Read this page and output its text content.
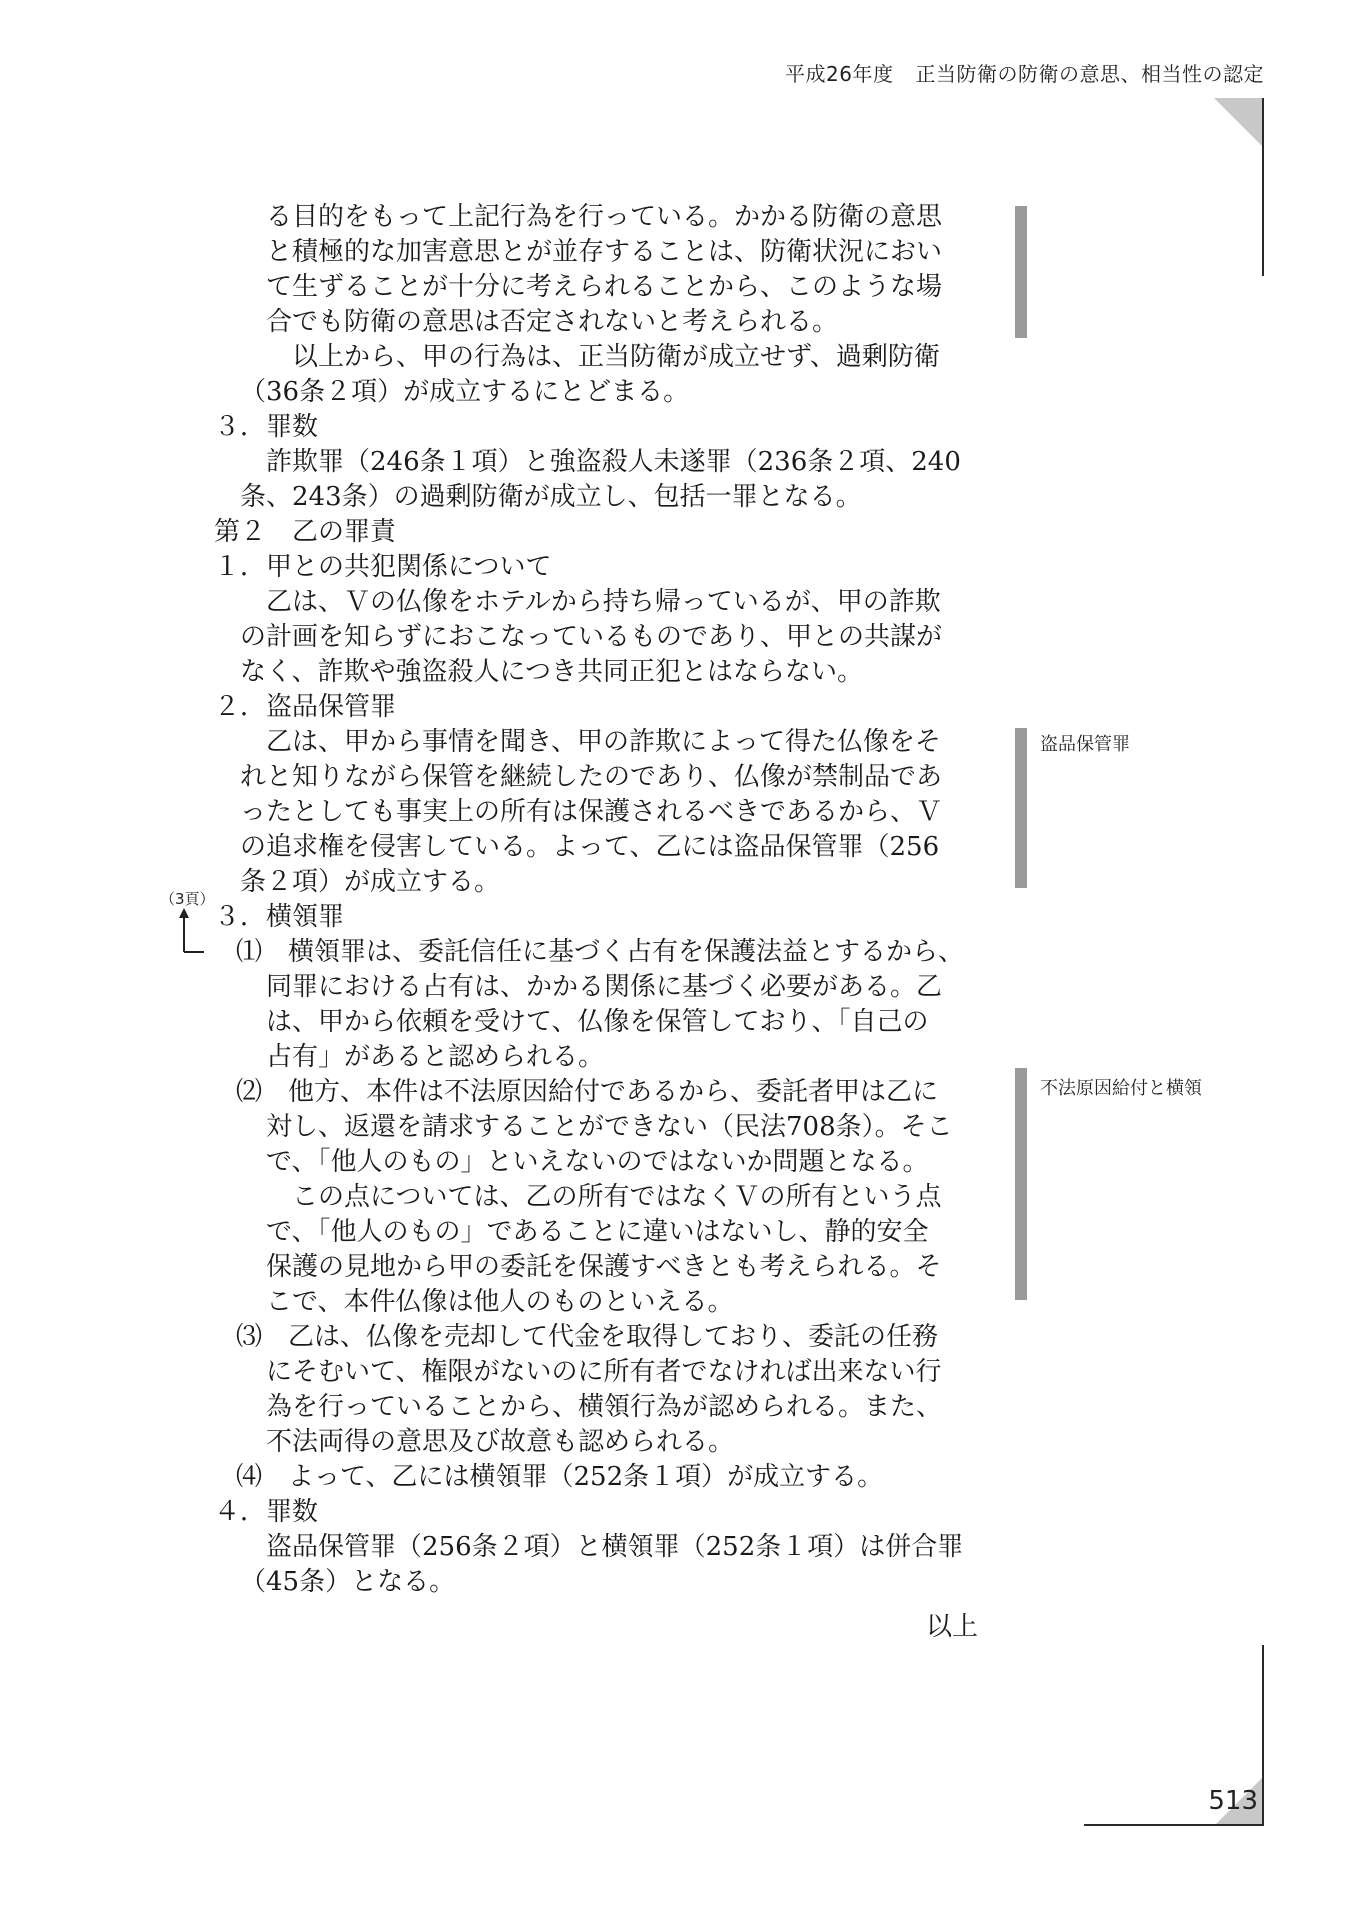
平成26年度 正当防衛の防衛の意思、相当性の認定
513
盗品保管罪
不法原因給付と横領
（3頁）
る目的をもって上記行為を行っている。かかる防衛の意思
と積極的な加害意思とが並存することは、防衛状況におい
て生ずることが十分に考えられることから、このような場
合でも防衛の意思は否定されないと考えられる。
以上から、甲の行為は、正当防衛が成立せず、過剰防衛
（36条２項）が成立するにとどまる。
３．罪数
詐欺罪（246条１項）と強盗殺人未遂罪（236条２項、240
条、243条）の過剰防衛が成立し、包括一罪となる。
第２　乙の罪責
１．甲との共犯関係について
乙は、Ｖの仏像をホテルから持ち帰っているが、甲の詐欺
の計画を知らずにおこなっているものであり、甲との共謀が
なく、詐欺や強盗殺人につき共同正犯とはならない。
２．盗品保管罪
乙は、甲から事情を聞き、甲の詐欺によって得た仏像をそ
れと知りながら保管を継続したのであり、仏像が禁制品であ
ったとしても事実上の所有は保護されるべきであるから、Ｖ
の追求権を侵害している。よって、乙には盗品保管罪（256
条２項）が成立する。
３．横領罪
⑴　横領罪は、委託信任に基づく占有を保護法益とするから、
同罪における占有は、かかる関係に基づく必要がある。乙
は、甲から依頼を受けて、仏像を保管しており、「自己の
占有」があると認められる。
⑵　他方、本件は不法原因給付であるから、委託者甲は乙に
対し、返還を請求することができない（民法708条）。そこ
で、「他人のもの」といえないのではないか問題となる。
この点については、乙の所有ではなくＶの所有という点
で、「他人のもの」であることに違いはないし、静的安全
保護の見地から甲の委託を保護すべきとも考えられる。そ
こで、本件仏像は他人のものといえる。
⑶　乙は、仏像を売却して代金を取得しており、委託の任務
にそむいて、権限がないのに所有者でなければ出来ない行
為を行っていることから、横領行為が認められる。また、
不法両得の意思及び故意も認められる。
⑷　よって、乙には横領罪（252条１項）が成立する。
４．罪数
盗品保管罪（256条２項）と横領罪（252条１項）は併合罪
（45条）となる。
以上
